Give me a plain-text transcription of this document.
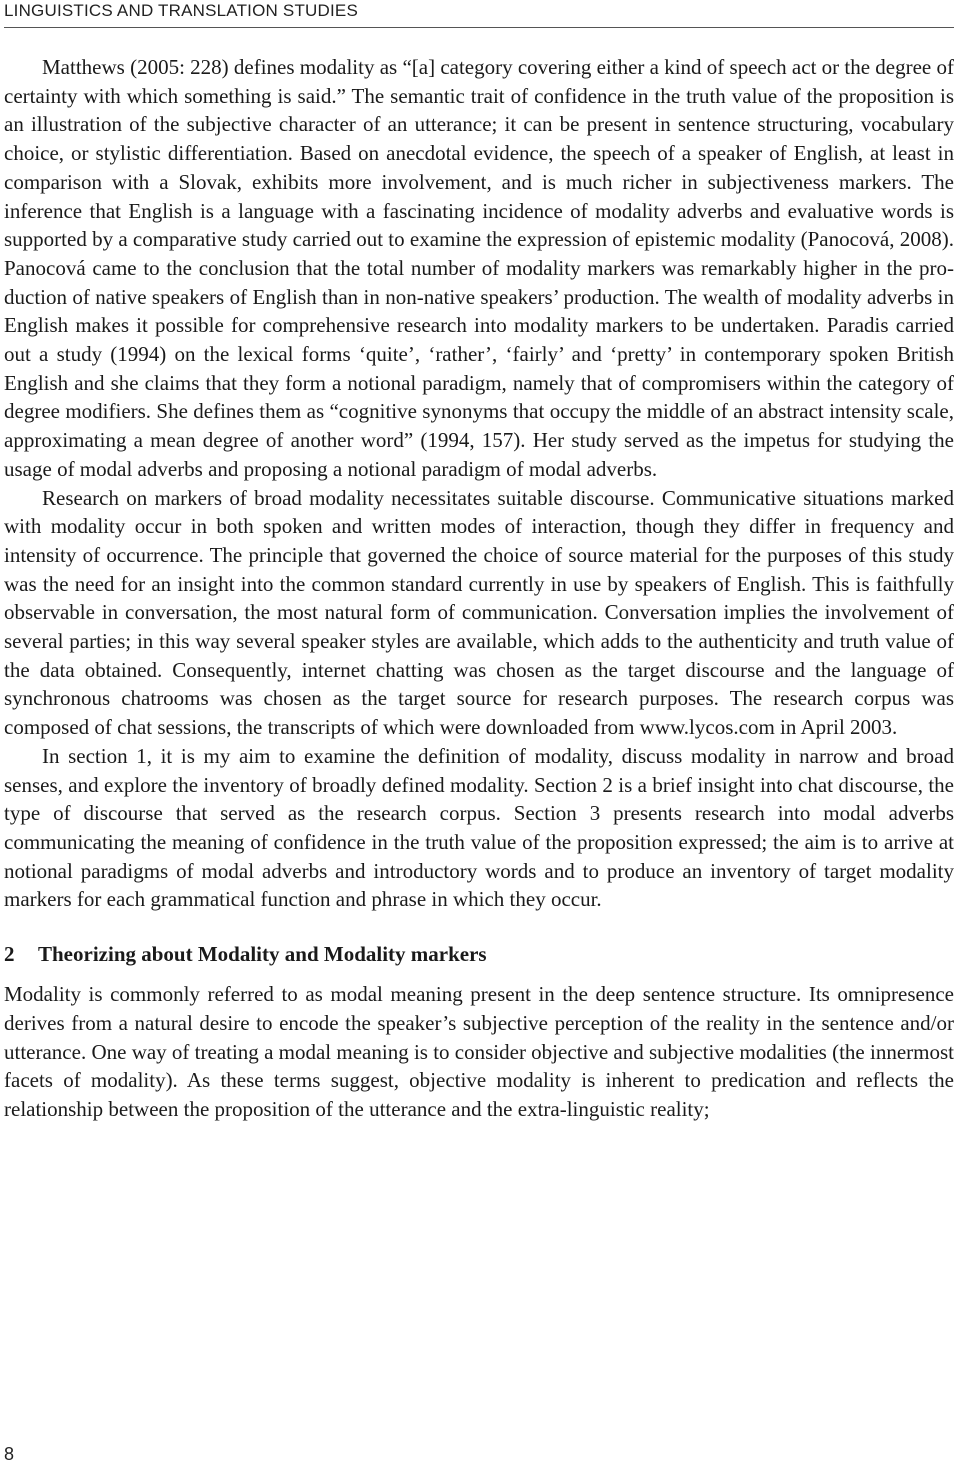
LINGUISTICS AND TRANSLATION STUDIES

Matthews (2005: 228) defines modality as “[a] category covering either a kind of speech act or the degree of certainty with which something is said.” The semantic trait of confidence in the truth value of the proposition is an illustration of the subjective character of an utterance; it can be present in sentence structuring, vocabulary choice, or stylistic differentiation. Based on anecdotal evidence, the speech of a speaker of English, at least in comparison with a Slovak, exhibits more involvement, and is much richer in subjectiveness markers. The inference that English is a language with a fascinating incidence of modality adverbs and evaluative words is supported by a comparative study carried out to examine the expression of epistemic modality (Panocová, 2008). Panocová came to the conclusion that the total number of modality markers was remarkably higher in the production of native speakers of English than in non-native speakers’ production. The wealth of modality adverbs in English makes it possible for comprehensive research into modality markers to be undertaken. Paradis carried out a study (1994) on the lexical forms ‘quite’, ‘rather’, ‘fairly’ and ‘pretty’ in contemporary spoken British English and she claims that they form a notional paradigm, namely that of compromisers within the category of degree modifiers. She defines them as “cognitive synonyms that occupy the middle of an abstract intensity scale, approximating a mean degree of another word” (1994, 157). Her study served as the impetus for studying the usage of modal adverbs and proposing a notional paradigm of modal adverbs.

Research on markers of broad modality necessitates suitable discourse. Communicative situations marked with modality occur in both spoken and written modes of interaction, though they differ in frequency and intensity of occurrence. The principle that governed the choice of source material for the purposes of this study was the need for an insight into the common standard currently in use by speakers of English. This is faithfully observable in conversation, the most natural form of communication. Conversation implies the involvement of several parties; in this way several speaker styles are available, which adds to the authenticity and truth value of the data obtained. Consequently, internet chatting was chosen as the target discourse and the language of synchronous chatrooms was chosen as the target source for research purposes. The research corpus was composed of chat sessions, the transcripts of which were downloaded from www.lycos.com in April 2003.

In section 1, it is my aim to examine the definition of modality, discuss modality in narrow and broad senses, and explore the inventory of broadly defined modality. Section 2 is a brief insight into chat discourse, the type of discourse that served as the research corpus. Section 3 presents research into modal adverbs communicating the meaning of confidence in the truth value of the proposition expressed; the aim is to arrive at notional paradigms of modal adverbs and introductory words and to produce an inventory of target modality markers for each grammatical function and phrase in which they occur.

2	Theorizing about Modality and Modality markers

Modality is commonly referred to as modal meaning present in the deep sentence structure. Its omnipresence derives from a natural desire to encode the speaker’s subjective perception of the reality in the sentence and/or utterance. One way of treating a modal meaning is to consider objective and subjective modalities (the innermost facets of modality). As these terms suggest, objective modality is inherent to predication and reflects the relationship between the proposition of the utterance and the extra-linguistic reality;

8
